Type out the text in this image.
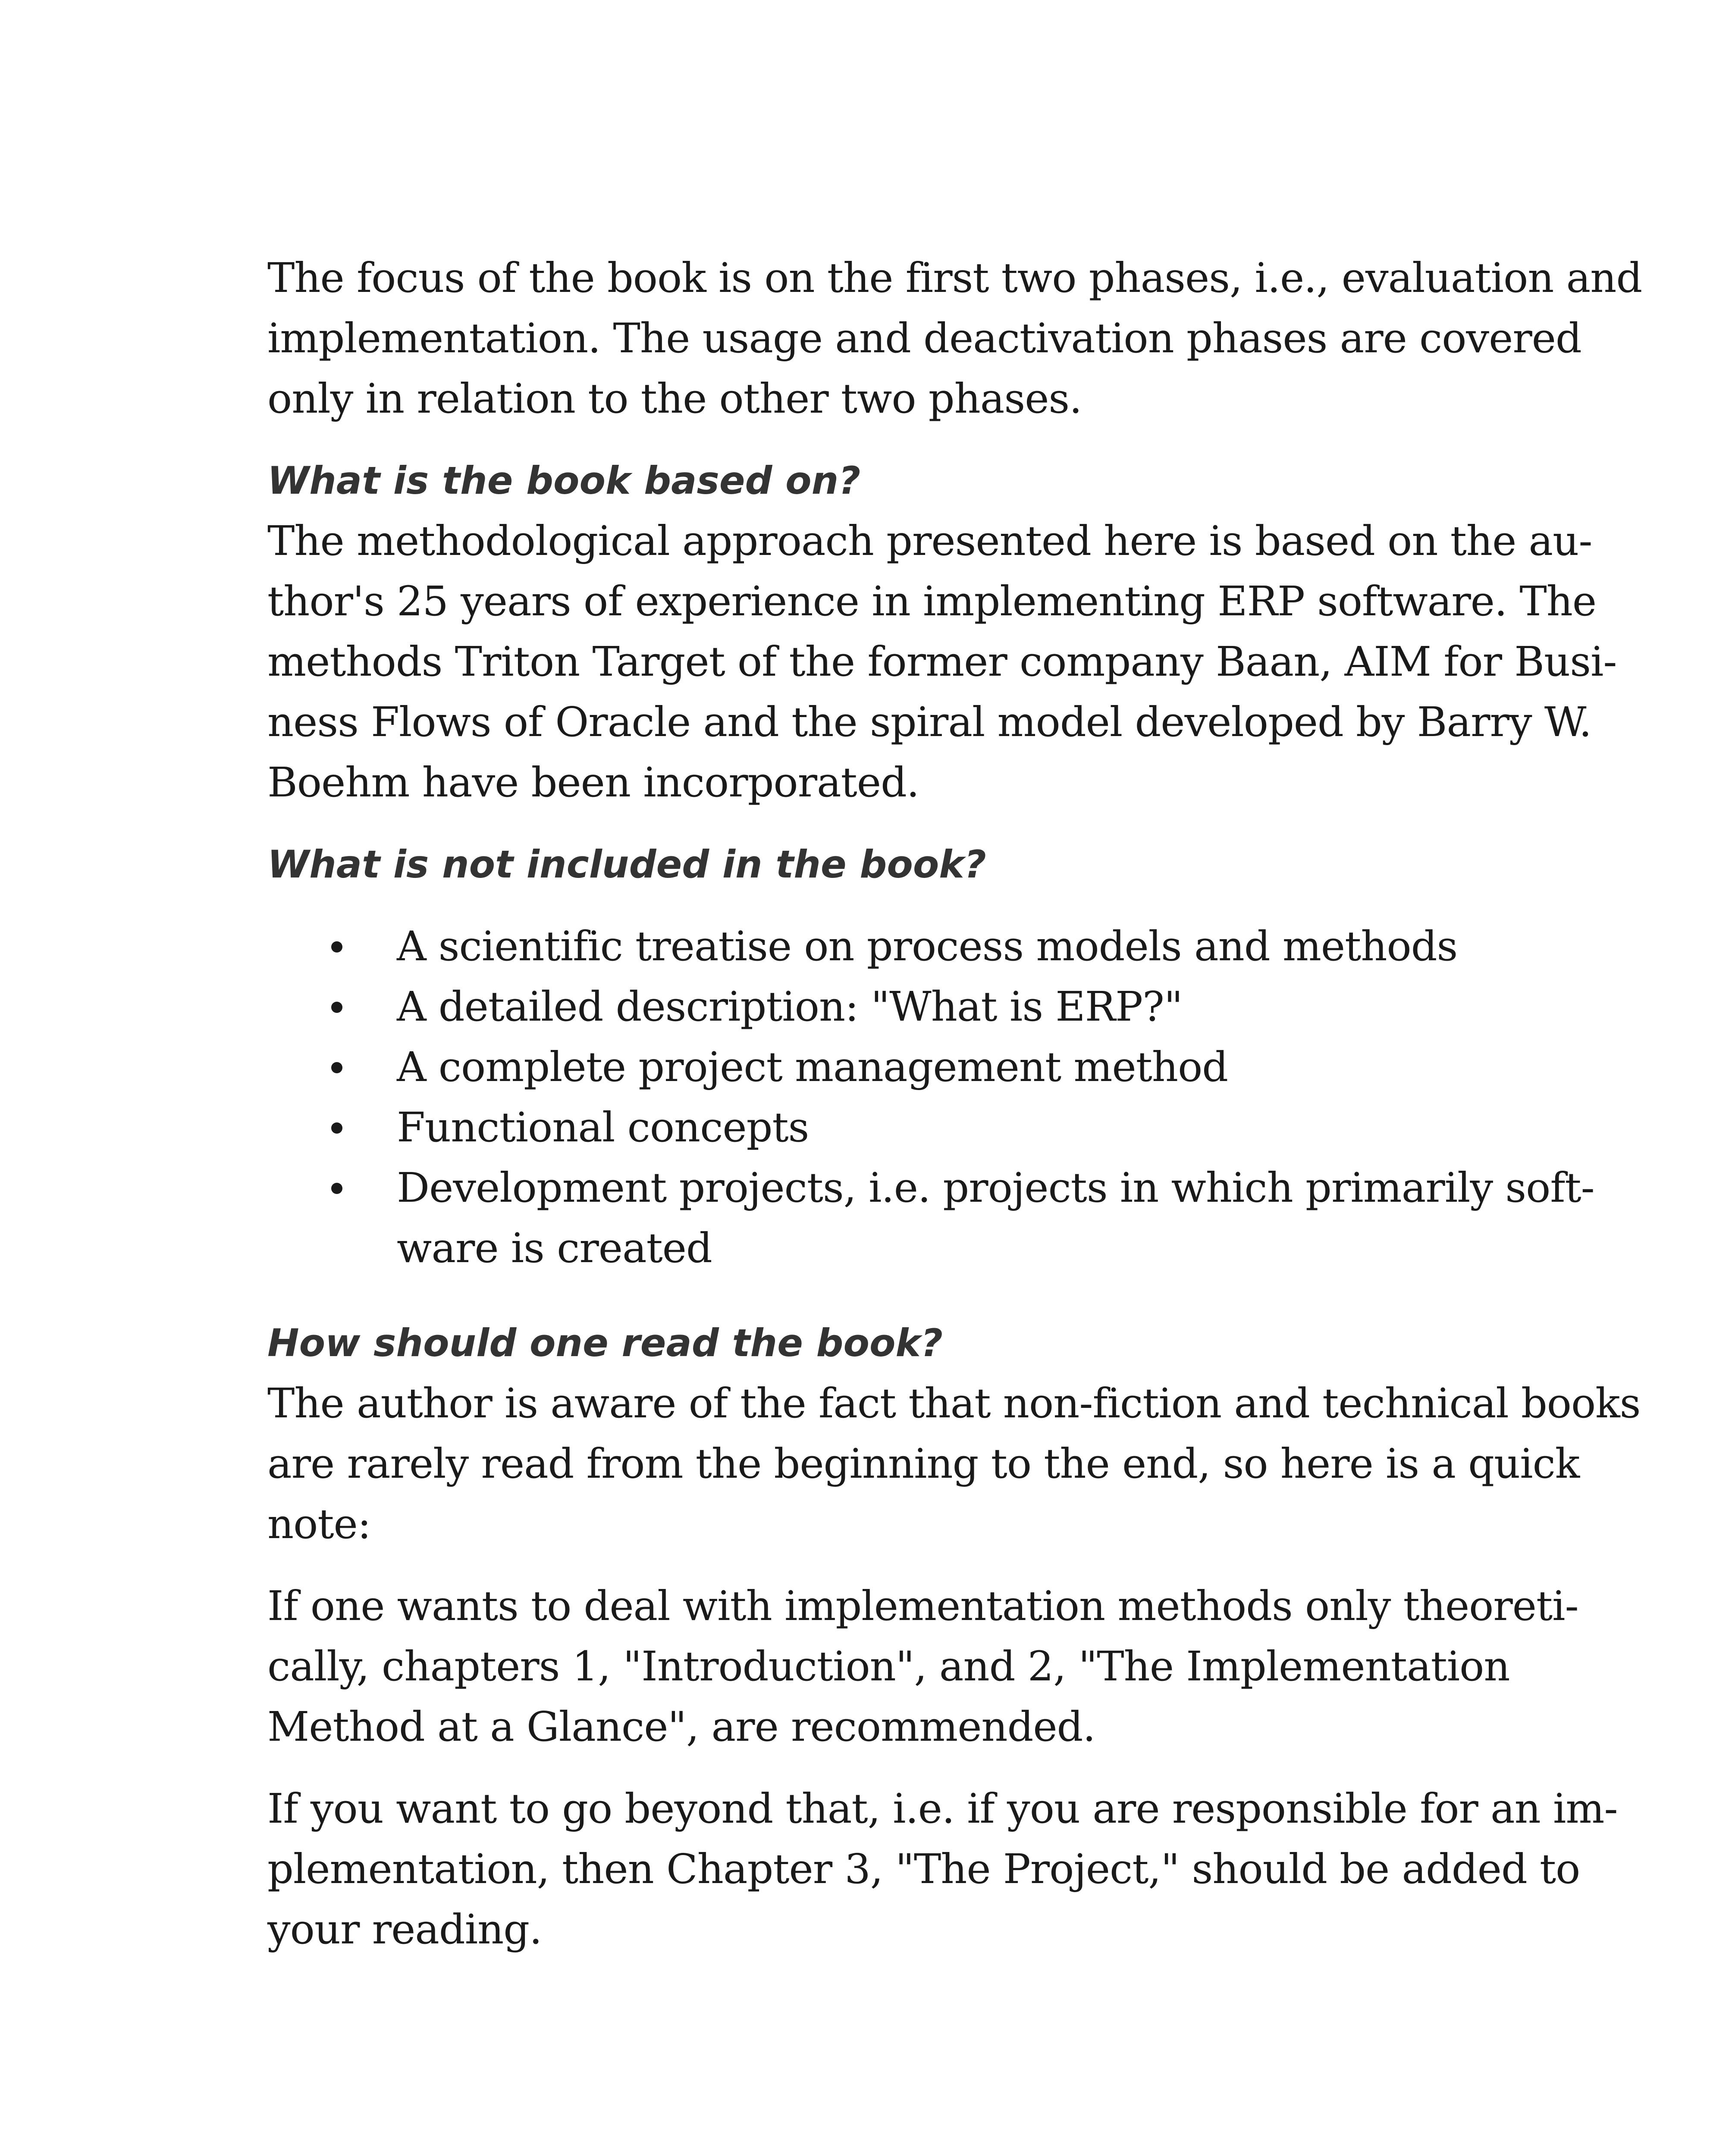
The focus of the book is on the first two phases, i.e., evaluation and
implementation. The usage and deactivation phases are covered
only in relation to the other two phases.
What is the book based on?
The methodological approach presented here is based on the au-
thor's 25 years of experience in implementing ERP software. The
methods Triton Target of the former company Baan, AIM for Busi-
ness Flows of Oracle and the spiral model developed by Barry W.
Boehm have been incorporated.
What is not included in the book?
A scientific treatise on process models and methods
A detailed description: "What is ERP?"
A complete project management method
Functional concepts
Development projects, i.e. projects in which primarily soft-
ware is created
How should one read the book?
The author is aware of the fact that non-fiction and technical books
are rarely read from the beginning to the end, so here is a quick
note:
If one wants to deal with implementation methods only theoreti-
cally, chapters 1, "Introduction", and 2, "The Implementation
Method at a Glance", are recommended.
If you want to go beyond that, i.e. if you are responsible for an im-
plementation, then Chapter 3, "The Project," should be added to
your reading.
